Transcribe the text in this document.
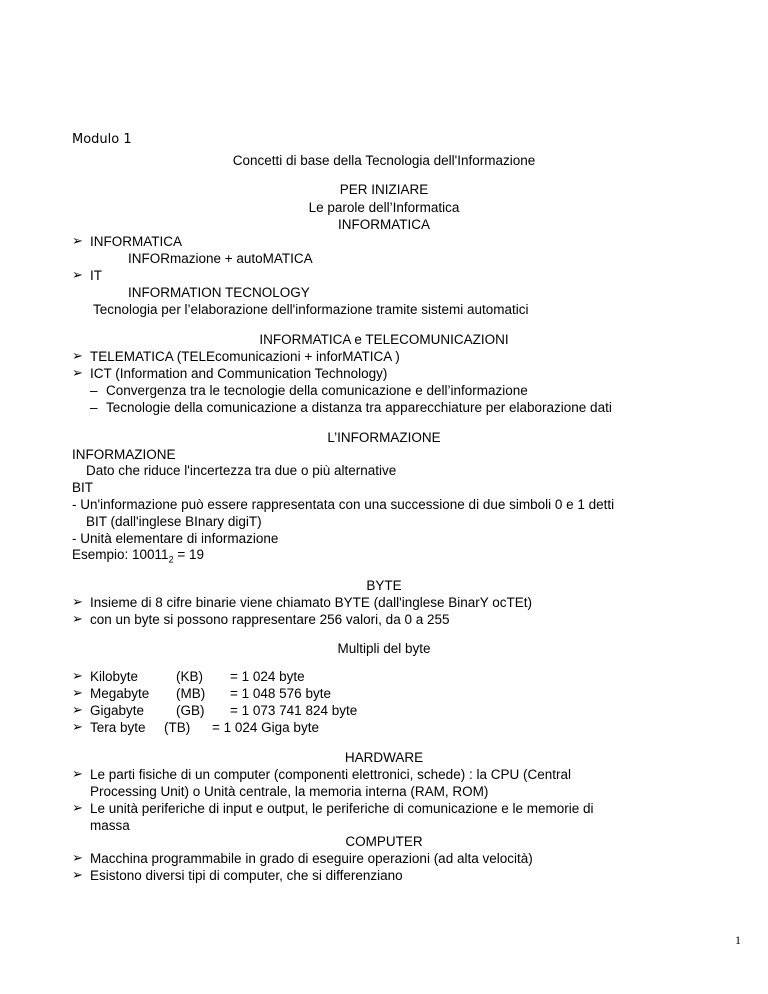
Modulo 1
Concetti di base della Tecnologia dell'Informazione
PER INIZIARE
Le parole dell’Informatica
INFORMATICA
➢ INFORMATICA
INFORmazione + autoMATICA
➢ IT
INFORMATION TECNOLOGY
Tecnologia per l’elaborazione dell'informazione tramite sistemi automatici
INFORMATICA e TELECOMUNICAZIONI
➢ TELEMATICA (TELEcomunicazioni + inforMATICA )
➢ ICT (Information and Communication Technology)
– Convergenza tra le tecnologie della comunicazione e dell’informazione
– Tecnologie della comunicazione a distanza tra apparecchiature per elaborazione dati
L’INFORMAZIONE
INFORMAZIONE
Dato che riduce l'incertezza tra due o più alternative
BIT
- Un'informazione può essere rappresentata con una successione di due simboli 0 e 1 detti
BIT (dall'inglese BInary digiT)
- Unità elementare di informazione
Esempio: $10011_2 = 19$
BYTE
➢ Insieme di 8 cifre binarie viene chiamato BYTE (dall'inglese BinarY ocTEt)
➢ con un byte si possono rappresentare 256 valori, da 0 a 255
Multipli del byte
➢ Kilobyte	(KB) = 1 024 byte
➢ Megabyte (MB) = 1 048 576 byte
➢ Gigabyte (GB) = 1 073 741 824 byte
➢ Tera byte (TB) = 1 024 Giga byte
HARDWARE
➢ Le parti fisiche di un computer (componenti elettronici, schede) : la CPU (Central
Processing Unit) o Unità centrale, la memoria interna (RAM, ROM)
➢ Le unità periferiche di input e output, le periferiche di comunicazione e le memorie di
massa
COMPUTER
➢ Macchina programmabile in grado di eseguire operazioni (ad alta velocità)
➢ Esistono diversi tipi di computer, che si differenziano
1
